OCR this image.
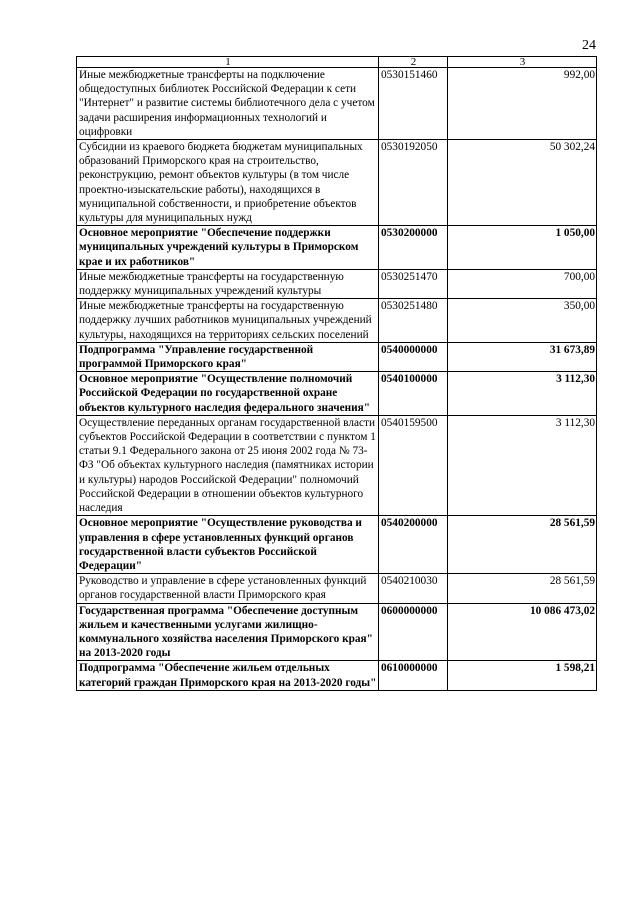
24
1	2	3
Иные межбюджетные трансферты на подключение общедоступных библиотек Российской Федерации к сети "Интернет" и развитие системы библиотечного дела с учетом задачи расширения информационных технологий и оцифровки	0530151460	992,00
Субсидии из краевого бюджета бюджетам муниципальных образований Приморского края на строительство, реконструкцию, ремонт объектов культуры (в том числе проектно-изыскательские работы), находящихся в муниципальной собственности, и приобретение объектов культуры для муниципальных нужд	0530192050	50 302,24
Основное мероприятие "Обеспечение поддержки муниципальных учреждений культуры в Приморском крае и их работников"	0530200000	1 050,00
Иные межбюджетные трансферты на государственную поддержку муниципальных учреждений культуры	0530251470	700,00
Иные межбюджетные трансферты на государственную поддержку лучших работников муниципальных учреждений культуры, находящихся на территориях сельских поселений	0530251480	350,00
Подпрограмма "Управление государственной программой Приморского края"	0540000000	31 673,89
Основное мероприятие "Осуществление полномочий Российской Федерации по государственной охране объектов культурного наследия федерального значения"	0540100000	3 112,30
Осуществление переданных органам государственной власти субъектов Российской Федерации в соответствии с пунктом 1 статьи 9.1 Федерального закона от 25 июня 2002 года № 73-ФЗ "Об объектах культурного наследия (памятниках истории и культуры) народов Российской Федерации" полномочий Российской Федерации в отношении объектов культурного наследия	0540159500	3 112,30
Основное мероприятие "Осуществление руководства и управления в сфере установленных функций органов государственной власти субъектов Российской Федерации"	0540200000	28 561,59
Руководство и управление в сфере установленных функций органов государственной власти Приморского края	0540210030	28 561,59
Государственная программа "Обеспечение доступным жильем и качественными услугами жилищно-коммунального хозяйства населения Приморского края" на 2013-2020 годы	0600000000	10 086 473,02
Подпрограмма "Обеспечение жильем отдельных категорий граждан Приморского края на 2013-2020 годы"	0610000000	1 598,21
